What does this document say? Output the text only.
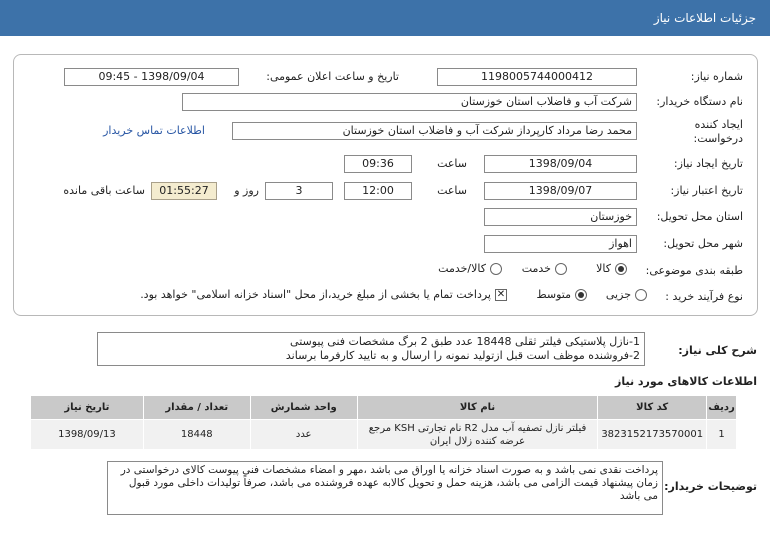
جزئیات اطلاعات نیاز
شماره نیاز:
1198005744000412
تاریخ و ساعت اعلان عمومی:
1398/09/04 - 09:45
نام دستگاه خریدار:
شرکت آب و فاضلاب استان خوزستان
ایجاد کننده
درخواست:
محمد رضا مرداد کارپرداز شرکت آب و فاضلاب استان خوزستان
اطلاعات تماس خریدار
تاریخ ایجاد نیاز:
1398/09/04
ساعت
09:36
تاریخ اعتبار نیاز:
1398/09/07
ساعت
12:00
3
روز و
01:55:27
ساعت باقی مانده
استان محل تحویل:
خوزستان
شهر محل تحویل:
اهواز
طبقه بندی موضوعی:
کالا
خدمت
کالا/خدمت
نوع فرآیند خرید :
جزیی
متوسط
✕
پرداخت تمام یا بخشی از مبلغ خرید،از محل "اسناد خزانه اسلامی" خواهد بود.
شرح کلی نیاز:
1-نازل پلاستیکی فیلتر ثقلی 18448 عدد طبق 2 برگ مشخصات فنی پیوستی
2-فروشنده موظف است قبل ازتولید نمونه را ارسال و به تایید کارفرما برساند
اطلاعات کالاهای مورد نیاز
ردیف	کد کالا	نام کالا	واحد شمارش	تعداد / مقدار	تاریخ نیاز
1	3823152173570001	فیلتر نازل تصفیه آب مدل R2 نام تجارتی KSH مرجع عرضه کننده زلال ایران	عدد	18448	1398/09/13
توضیحات خریدار:
پرداخت نقدی نمی باشد و به صورت اسناد خزانه یا اوراق می باشد ،مهر و امضاء مشخصات فنی پیوست کالای درخواستی در زمان پیشنهاد قیمت الزامی می باشد، هزینه حمل و تحویل کالابه عهده فروشنده می باشد، صرفاً تولیدات داخلی مورد قبول می باشد
